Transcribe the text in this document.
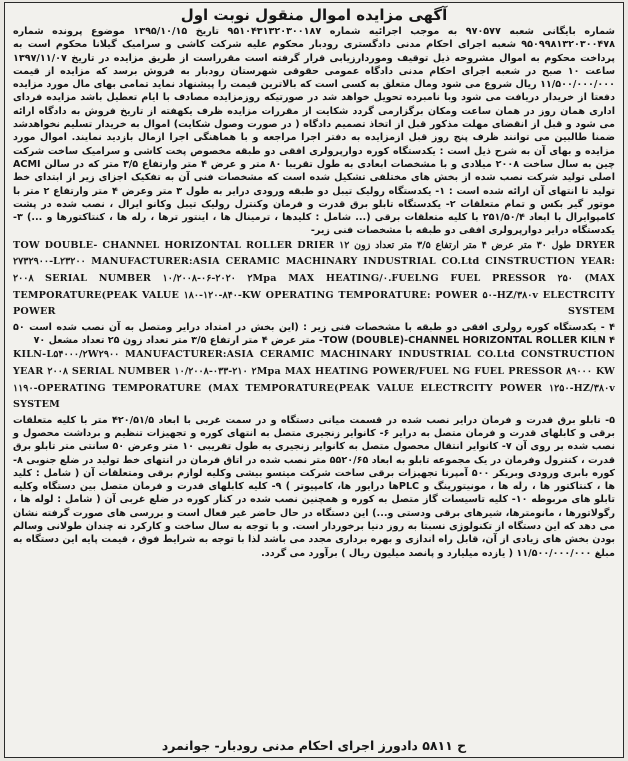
آگهی مزایده اموال منقول نوبت اول

شماره بایگانی شعبه ۹۷۰۵۷۷ به موجب اجرائیه شماره ۹۵۱۰۴۳۱۳۲۰۳۰۰۱۸۷ تاریخ ۱۳۹۵/۱۰/۱۵ موضوع پرونده شماره ۹۵۰۹۹۸۱۳۲۰۳۰۰۴۷۸ شعبه اجرای احکام مدنی دادگستری رودبار محکوم علیه شرکت کاشی و سرامیک گیلانا محکوم است به پرداخت محکوم به اموال مشروحه ذیل توقیف وموردارزیابی قرار گرفته است مقرراست از طریق مزایده در تاریخ ۱۳۹۷/۱۱/۰۷ ساعت ۱۰ صبح در شعبه اجرای احکام مدنی دادگاه عمومی حقوقی شهرستان رودبار به فروش برسد که مزایده از قیمت ۱۱/۵۰۰/۰۰۰/۰۰۰ ریال شروع می شود ومال متعلق به کسی است که بالاترین قیمت را پیشنهاد نماید تمامی بهای مال مورد مزایده دفعتا از خریدار دریافت می شود وبا نامبرده تحویل خواهد شد در صورتیکه روزمزایده مصادف با ایام تعطیل باشد مزایده فردای اداری همان روز در همان ساعت ومکان برگزارمی گردد شکایت از مقررات مزایده ظرف یکهفته از تاریخ فروش به دادگاه ارائه می شود و قبل از انقضای مهلت مذکور قبل از اتخاذ تصمیم دادگاه ( در صورت وصول شکایت) اموال به خریدار تسلیم نخواهدشد ضمنا طالبین می توانند ظرف پنج روز قبل ازمزایده به دفتر اجرا مراجعه و با هماهنگی اجرا ازمال بازدید نمایند. اموال مورد مزایده و بهای آن به شرح ذیل است : یکدستگاه کوره دوارپرولری افقی دو طبقه مخصوص پخت کاشی و سرامیک ساخت شرکت چین به سال ساخت ۲۰۰۸ میلادی و با مشخصات ابعادی به طول تقریبا ۸۰ متر و عرض ۴ متر وارتفاع ۳/۵ متر که در سالن ACMI اصلی تولید شرکت نصب شده از بخش های مختلفی تشکیل شده است که مشخصات فنی آن به تفکیک اجزای زیر از ابتدای خط تولید تا انتهای آن ارائه شده است : ۱- یکدستگاه رولیک تیبل دو طبقه ورودی درایر به طول ۳ متر وعرض ۴ متر وارتفاع ۲ متر با موتور گیر بکس و تمام متعلقات ۲- یکدستگاه تابلو برق قدرت و فرمان وکنترل رولیک تیبل وکانو ایرال ، نصب شده در پشت کامپوایرال با ابعاد ۲۵۱/۵۰/۴ با کلیه متعلقات برقی (... شامل : کلیدها ، ترمینال ها ، اینتور ترها ، رله ها ، کنتاکتورها و ...) ۳- یکدستگاه درایر دوارپرولری افقی دو طبقه با مشخصات فنی زیر-

TOW DOUBLE- CHANNEL HORIZONTAL ROLLER DRIER طول ۳۰ متر عرض ۴ متر ارتفاع ۳/۵ متر تعداد زون ۱۲ DRYER ۲۷۳۲۹۰۰-L۲۳۲۰۰ MANUFACTURER:ASIA CERAMIC MACHINARY INDUSTRIAL CO.Ltd CINSTRUCTION YEAR: ۲۰۰۸ SERIAL NUMBER ۱۰/۲۰۰۸-۰۶-۲۰۲۰ ۲Mpa MAX HEATING/۰.FUELNG FUEL PRESSOR ۲۵۰ (MAX TEMPORATURE(PEAK VALUE ۱۸۰-۱۲۰-۸۴۰-KW OPERATING TEMPORATURE: POWER ۵۰-HZ/۳۸۰v ELECTRCITY POWER SYSTEM

۴ - یکدستگاه کوره رولری افقی دو طبقه با مشخصات فنی زیر : (این بخش در امتداد درایر ومتصل به آن نصب شده است ۵۰ TOW (DOUBLE)-CHANNEL HORIZONTAL ROLLER KILN ۴- متر عرض ۴ متر ارتفاع ۳/۵ متر تعداد زون ۲۵ تعداد مشعل ۷۰

KILN-L۵۴۰۰۰/۲W۲۹۰۰ MANUFACTURER:ASIA CERAMIC MACHINARY INDUSTRIAL CO.Ltd CONSTRUCTION YEAR ۲۰۰۸ SERIAL NUMBER ۱۰/۲۰۰۸-۰۳۳-۲۱۰ ۲Mpa MAX HEATING POWER/FUEL NG FUEL PRESSOR ۸۹۰۰۰ KW ۱۱۹۰-OPERATING TEMPORATURE (MAX TEMPORATURE(PEAK VALUE ELECTRCITY POWER ۱۲۵۰-HZ/۳۸۰v SYSTEM

۵- تابلو برق قدرت و فرمان درایر نصب شده در قسمت میانی دستگاه و در سمت غربی با ابعاد ۴۲۰/۵۱/۵ متر با کلیه متعلقات برقی و کابلهای قدرت و فرمان متصل به درایر ۶- کانوایر زنجیری متصل به انتهای کوره و تجهیزات تنظیم و برداشت محصول و نصب شده بر روی آن ۷- کانوایر انتقال محصول متصل به کانوایر زنجیری به طول تقریبی ۱۰ متر وعرض ۵۰ سانتی متر تابلو برق قدرت ، کنترول وفرمان در یک مجموعه تابلو به ابعاد ۵۵۲۰/۶۵ متر نصب شده در اتاق فرمان در انتهای خط تولید در ضلع جنوبی ۸- کوره بابری ورودی وبریکر ۵۰۰ آمپرنا تجهیزات برقی ساخت شرکت میتسو بیشی وکلیه لوازم برقی ومتعلقات آن ( شامل : کلید ها ، کنتاکتور ها ، رله ها ، مونیتورینگ و PLCها درایور ها، کامپیوتر ) ۹- کلیه کابلهای قدرت و فرمان متصل بین دستگاه وکلیه تابلو های مربوطه ۱۰- کلیه تاسیسات گاز متصل به کوره و همچنین نصب شده در کنار کوره در ضلع غربی آن ( شامل : لوله ها ، رگولاتورها ، مانومترها، شیرهای برقی ودستی و...) این دستگاه در حال حاضر غیر فعال است و بررسی های صورت گرفته نشان می دهد که این دستگاه از تکنولوژی نسبتا به روز دنیا برخوردار است. و با توجه به سال ساخت و کارکرد نه چندان طولانی وسالم بودن بخش های زیادی از آن، قابل راه اندازی و بهره برداری مجدد می باشد لذا با توجه به شرایط فوق ، قیمت پایه این دستگاه به مبلغ ۱۱/۵۰۰/۰۰۰/۰۰۰ ( یازده میلیارد و پانصد میلیون ریال ) برآورد می گردد.

ح ۵۸۱۱ دادورز اجرای احکام مدنی رودبار- جوانمرد
